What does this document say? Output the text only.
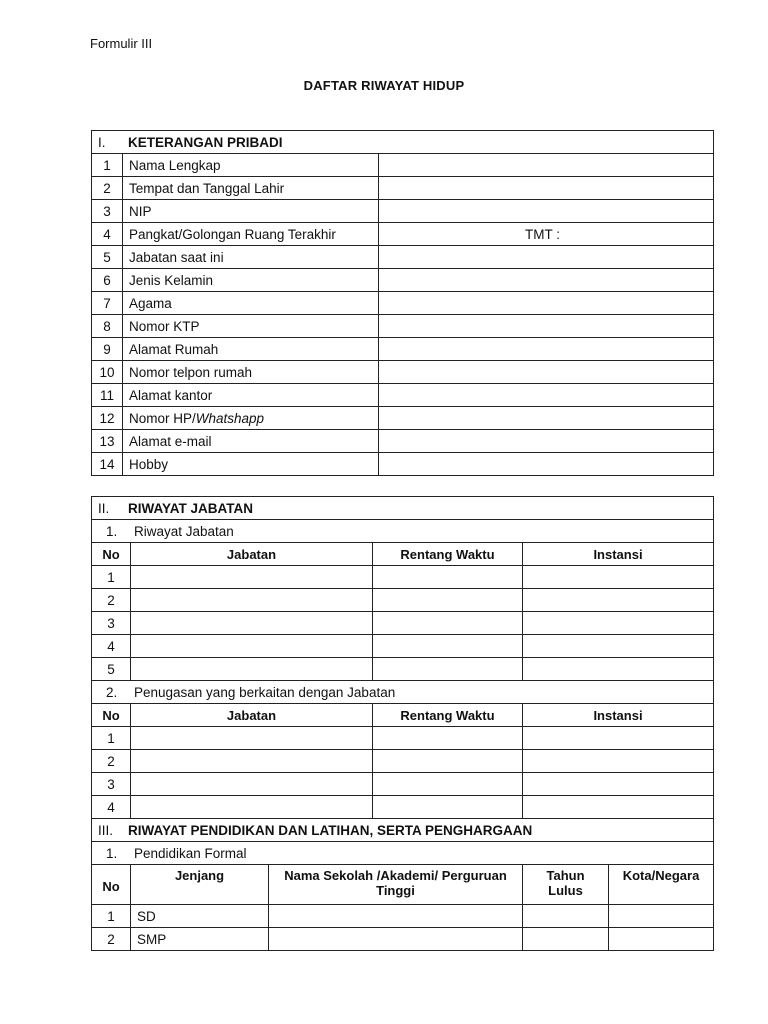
Formulir III
DAFTAR RIWAYAT HIDUP
I. KETERANGAN PRIBADI		
1	Nama Lengkap	
2	Tempat dan Tanggal Lahir	
3	NIP	
4	Pangkat/Golongan Ruang Terakhir	TMT :
5	Jabatan saat ini	
6	Jenis Kelamin	
7	Agama	
8	Nomor KTP	
9	Alamat Rumah	
10	Nomor telpon rumah	
11	Alamat kantor	
12	Nomor HP/Whatshapp	
13	Alamat e-mail	
14	Hobby	
II. RIWAYAT JABATAN					
1. Riwayat Jabatan					
No	Jabatan		Rentang Waktu	Instansi	
1					
2					
3					
4					
5					
2. Penugasan yang berkaitan dengan Jabatan					
No	Jabatan		Rentang Waktu	Instansi	
1					
2					
3					
4					
III. RIWAYAT PENDIDIKAN DAN LATIHAN, SERTA PENGHARGAAN					
1. Pendidikan Formal					
No	Jenjang	Nama Sekolah /Akademi/ Perguruan Tinggi		Tahun Lulus	Kota/Negara
1	SD				
2	SMP				
